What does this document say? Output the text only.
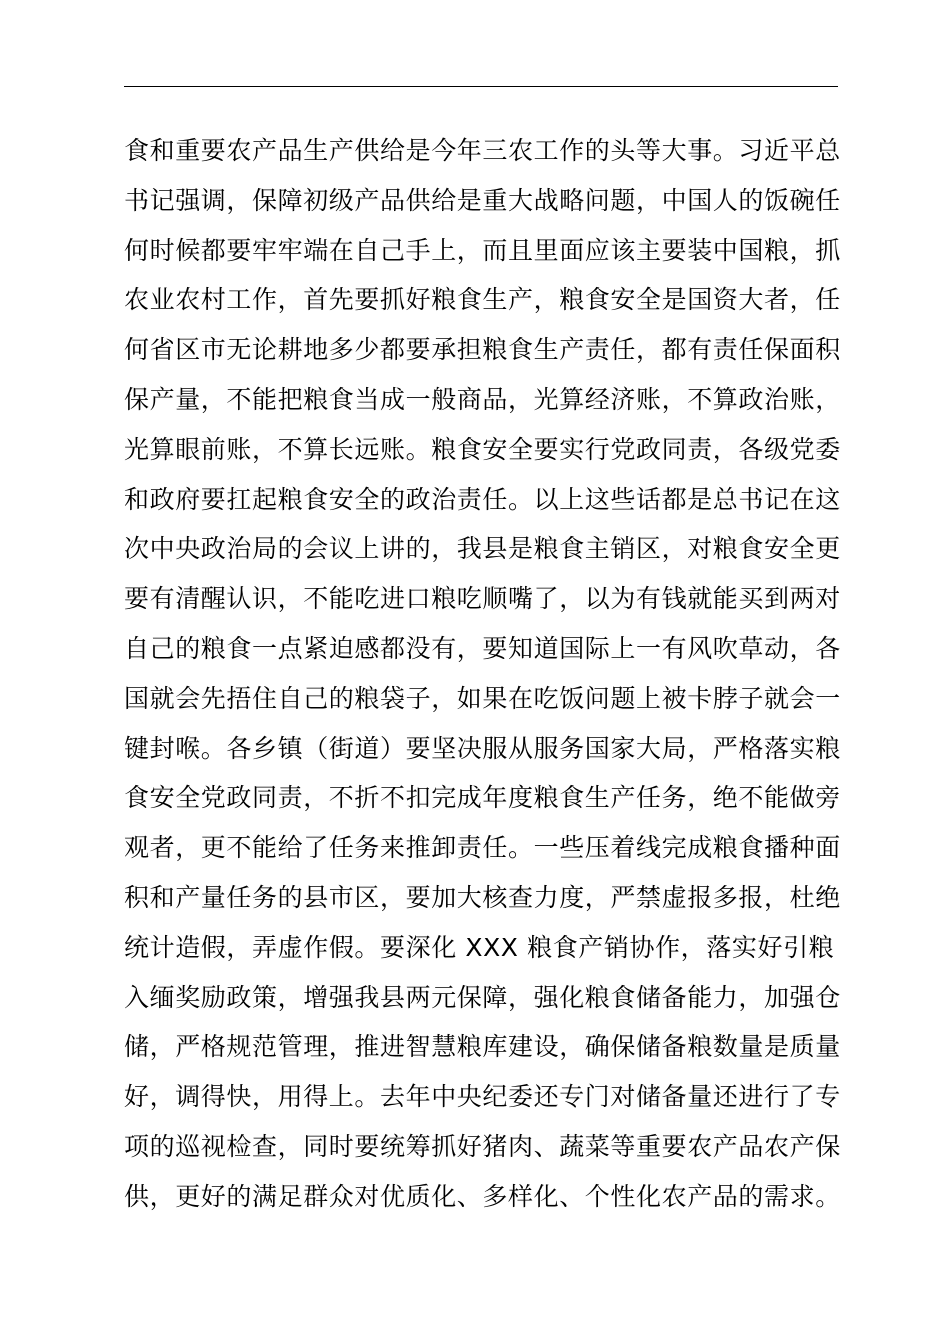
食和重要农产品生产供给是今年三农工作的头等大事。习近平总
书记强调，保障初级产品供给是重大战略问题，中国人的饭碗任
何时候都要牢牢端在自己手上，而且里面应该主要装中国粮，抓
农业农村工作，首先要抓好粮食生产，粮食安全是国资大者，任
何省区市无论耕地多少都要承担粮食生产责任，都有责任保面积
保产量，不能把粮食当成一般商品，光算经济账，不算政治账，
光算眼前账，不算长远账。粮食安全要实行党政同责，各级党委
和政府要扛起粮食安全的政治责任。以上这些话都是总书记在这
次中央政治局的会议上讲的，我县是粮食主销区，对粮食安全更
要有清醒认识，不能吃进口粮吃顺嘴了，以为有钱就能买到两对
自己的粮食一点紧迫感都没有，要知道国际上一有风吹草动，各
国就会先捂住自己的粮袋子，如果在吃饭问题上被卡脖子就会一
键封喉。各乡镇（街道）要坚决服从服务国家大局，严格落实粮
食安全党政同责，不折不扣完成年度粮食生产任务，绝不能做旁
观者，更不能给了任务来推卸责任。一些压着线完成粮食播种面
积和产量任务的县市区，要加大核查力度，严禁虚报多报，杜绝
统计造假，弄虚作假。要深化 XXX 粮食产销协作，落实好引粮
入缅奖励政策，增强我县两元保障，强化粮食储备能力，加强仓
储，严格规范管理，推进智慧粮库建设，确保储备粮数量是质量
好，调得快，用得上。去年中央纪委还专门对储备量还进行了专
项的巡视检查，同时要统筹抓好猪肉、蔬菜等重要农产品农产保
供，更好的满足群众对优质化、多样化、个性化农产品的需求。
